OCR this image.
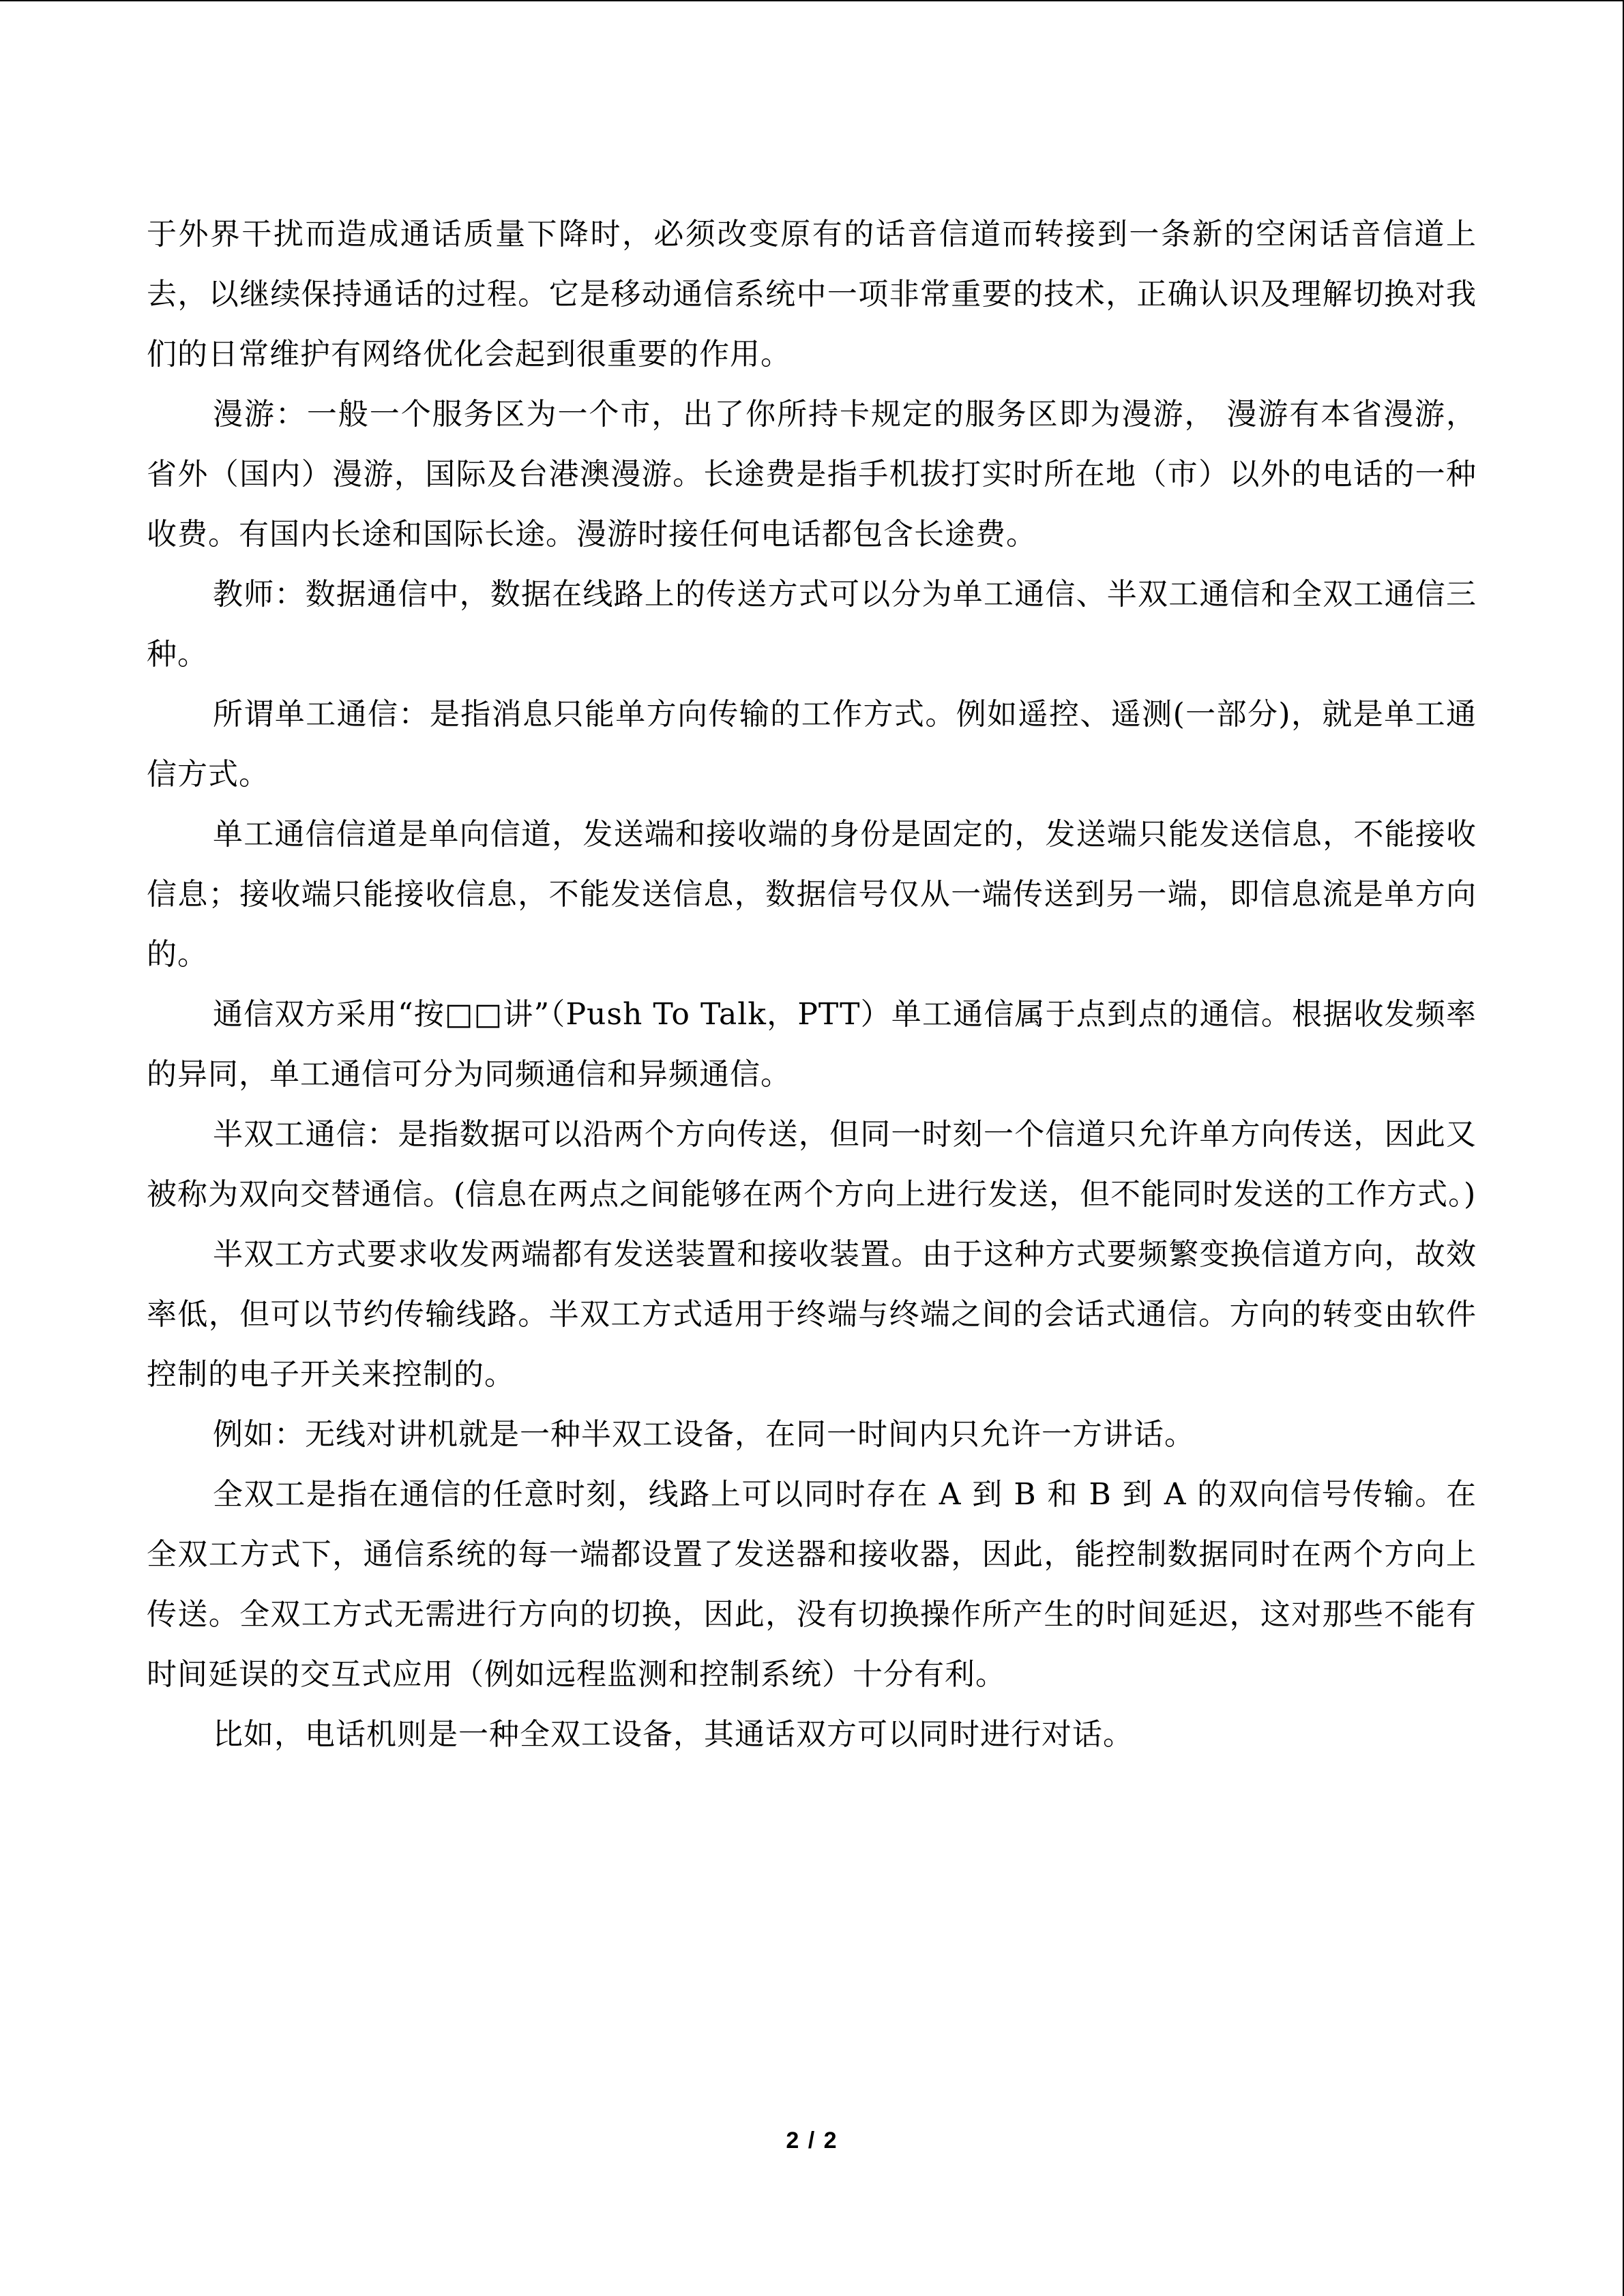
于外界干扰而造成通话质量下降时，必须改变原有的话音信道而转接到一条新的空闲话音信道上去，以继续保持通话的过程。它是移动通信系统中一项非常重要的技术，正确认识及理解切换对我们的日常维护有网络优化会起到很重要的作用。

漫游：一般一个服务区为一个市，出了你所持卡规定的服务区即为漫游， 漫游有本省漫游，省外（国内）漫游，国际及台港澳漫游。长途费是指手机拔打实时所在地（市）以外的电话的一种收费。有国内长途和国际长途。漫游时接任何电话都包含长途费。

教师：数据通信中，数据在线路上的传送方式可以分为单工通信、半双工通信和全双工通信三种。

所谓单工通信：是指消息只能单方向传输的工作方式。例如遥控、遥测(一部分)，就是单工通信方式。

单工通信信道是单向信道，发送端和接收端的身份是固定的，发送端只能发送信息，不能接收信息；接收端只能接收信息，不能发送信息，数据信号仅从一端传送到另一端，即信息流是单方向的。

通信双方采用“按□□讲”（Push To Talk，PTT）单工通信属于点到点的通信。根据收发频率的异同，单工通信可分为同频通信和异频通信。

半双工通信：是指数据可以沿两个方向传送，但同一时刻一个信道只允许单方向传送，因此又被称为双向交替通信。(信息在两点之间能够在两个方向上进行发送，但不能同时发送的工作方式。)

半双工方式要求收发两端都有发送装置和接收装置。由于这种方式要频繁变换信道方向，故效率低，但可以节约传输线路。半双工方式适用于终端与终端之间的会话式通信。方向的转变由软件控制的电子开关来控制的。

例如：无线对讲机就是一种半双工设备，在同一时间内只允许一方讲话。

全双工是指在通信的任意时刻，线路上可以同时存在 A 到 B 和 B 到 A 的双向信号传输。在全双工方式下，通信系统的每一端都设置了发送器和接收器，因此，能控制数据同时在两个方向上传送。全双工方式无需进行方向的切换，因此，没有切换操作所产生的时间延迟，这对那些不能有时间延误的交互式应用（例如远程监测和控制系统）十分有利。

比如，电话机则是一种全双工设备，其通话双方可以同时进行对话。

2 / 2
